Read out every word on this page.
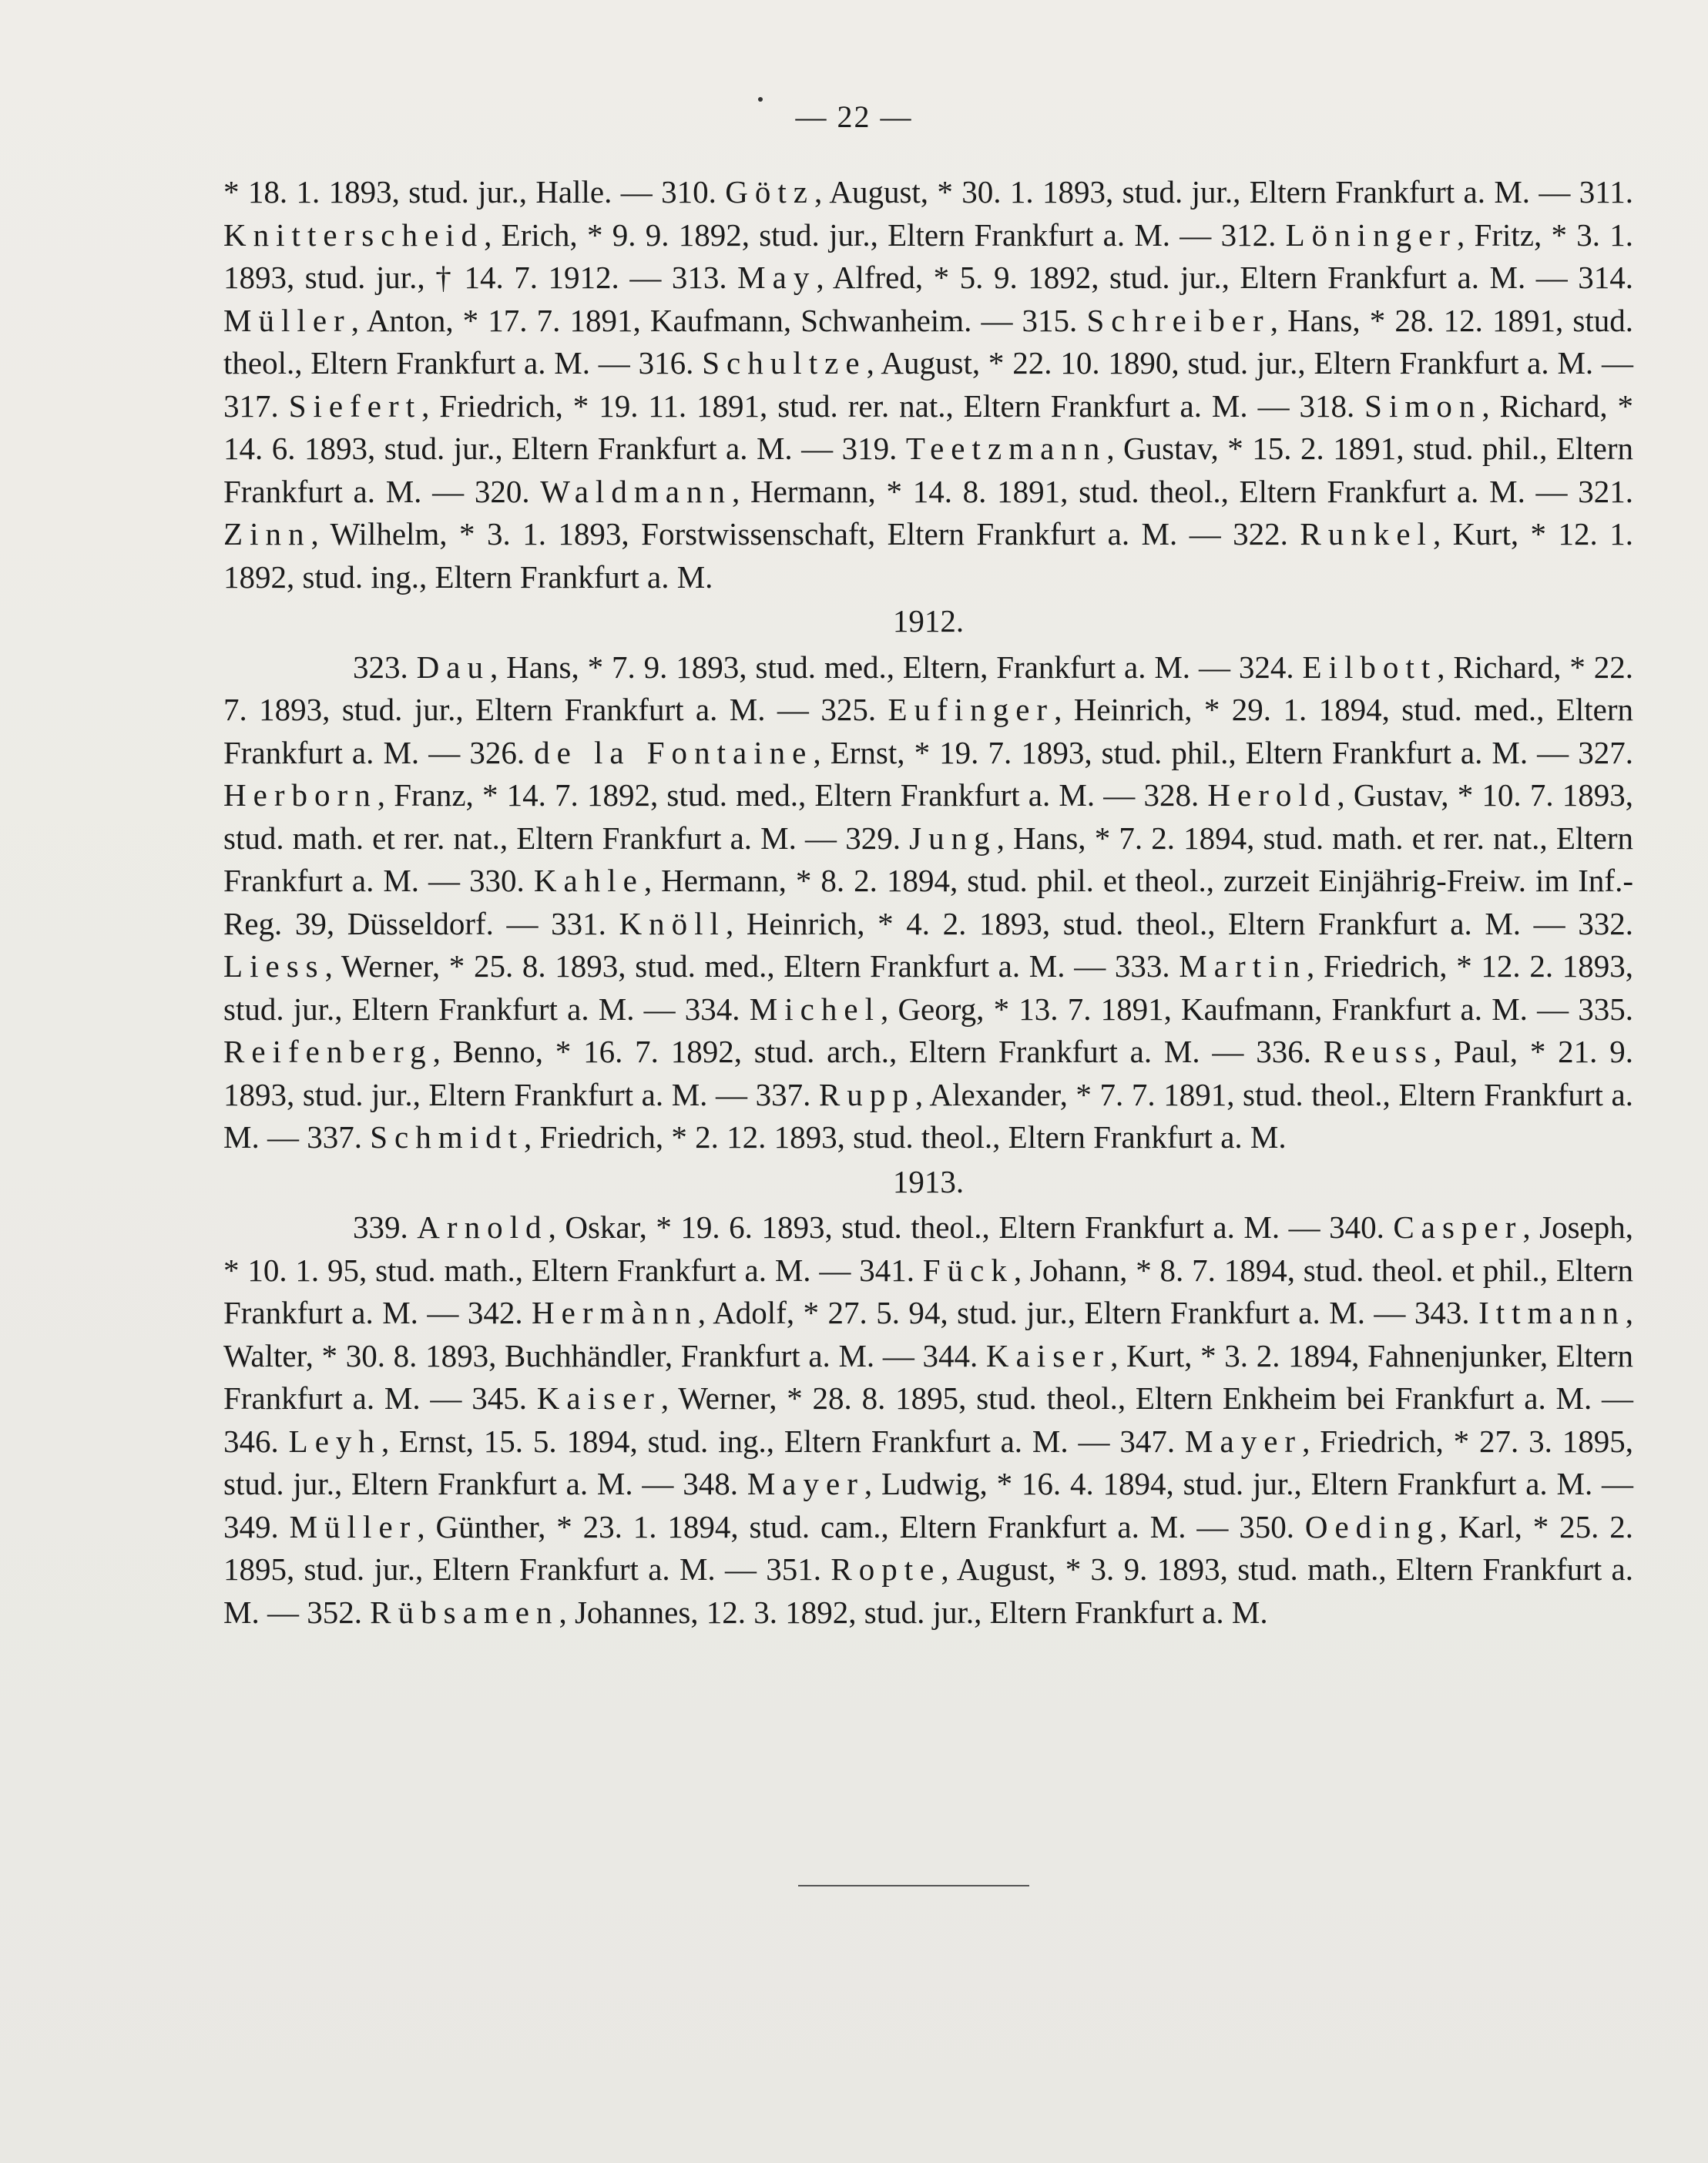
— 22 —

* 18. 1. 1893, stud. jur., Halle. — 310. Götz, August, * 30. 1. 1893, stud. jur., Eltern Frankfurt a. M. — 311. Knitterscheid, Erich, * 9. 9. 1892, stud. jur., Eltern Frankfurt a. M. — 312. Löninger, Fritz, * 3. 1. 1893, stud. jur., † 14. 7. 1912. — 313. May, Alfred, * 5. 9. 1892, stud. jur., Eltern Frankfurt a. M. — 314. Müller, Anton, * 17. 7. 1891, Kaufmann, Schwanheim. — 315. Schreiber, Hans, * 28. 12. 1891, stud. theol., Eltern Frankfurt a. M. — 316. Schultze, August, * 22. 10. 1890, stud. jur., Eltern Frankfurt a. M. — 317. Siefert, Friedrich, * 19. 11. 1891, stud. rer. nat., Eltern Frankfurt a. M. — 318. Simon, Richard, * 14. 6. 1893, stud. jur., Eltern Frankfurt a. M. — 319. Teetzmann, Gustav, * 15. 2. 1891, stud. phil., Eltern Frankfurt a. M. — 320. Waldmann, Hermann, * 14. 8. 1891, stud. theol., Eltern Frankfurt a. M. — 321. Zinn, Wilhelm, * 3. 1. 1893, Forstwissenschaft, Eltern Frankfurt a. M. — 322. Runkel, Kurt, * 12. 1. 1892, stud. ing., Eltern Frankfurt a. M.

1912.

323. Dau, Hans, * 7. 9. 1893, stud. med., Eltern, Frankfurt a. M. — 324. Eilbott, Richard, * 22. 7. 1893, stud. jur., Eltern Frankfurt a. M. — 325. Eufinger, Heinrich, * 29. 1. 1894, stud. med., Eltern Frankfurt a. M. — 326. de la Fontaine, Ernst, * 19. 7. 1893, stud. phil., Eltern Frankfurt a. M. — 327. Herborn, Franz, * 14. 7. 1892, stud. med., Eltern Frankfurt a. M. — 328. Herold, Gustav, * 10. 7. 1893, stud. math. et rer. nat., Eltern Frankfurt a. M. — 329. Jung, Hans, * 7. 2. 1894, stud. math. et rer. nat., Eltern Frankfurt a. M. — 330. Kahle, Hermann, * 8. 2. 1894, stud. phil. et theol., zurzeit Einjährig-Freiw. im Inf.-Reg. 39, Düsseldorf. — 331. Knöll, Heinrich, * 4. 2. 1893, stud. theol., Eltern Frankfurt a. M. — 332. Liess, Werner, * 25. 8. 1893, stud. med., Eltern Frankfurt a. M. — 333. Martin, Friedrich, * 12. 2. 1893, stud. jur., Eltern Frankfurt a. M. — 334. Michel, Georg, * 13. 7. 1891, Kaufmann, Frankfurt a. M. — 335. Reifenberg, Benno, * 16. 7. 1892, stud. arch., Eltern Frankfurt a. M. — 336. Reuss, Paul, * 21. 9. 1893, stud. jur., Eltern Frankfurt a. M. — 337. Rupp, Alexander, * 7. 7. 1891, stud. theol., Eltern Frankfurt a. M. — 337. Schmidt, Friedrich, * 2. 12. 1893, stud. theol., Eltern Frankfurt a. M.

1913.

339. Arnold, Oskar, * 19. 6. 1893, stud. theol., Eltern Frankfurt a. M. — 340. Casper, Joseph, * 10. 1. 95, stud. math., Eltern Frankfurt a. M. — 341. Fück, Johann, * 8. 7. 1894, stud. theol. et phil., Eltern Frankfurt a. M. — 342. Hermànn, Adolf, * 27. 5. 94, stud. jur., Eltern Frankfurt a. M. — 343. Ittmann, Walter, * 30. 8. 1893, Buchhändler, Frankfurt a. M. — 344. Kaiser, Kurt, * 3. 2. 1894, Fahnenjunker, Eltern Frankfurt a. M. — 345. Kaiser, Werner, * 28. 8. 1895, stud. theol., Eltern Enkheim bei Frankfurt a. M. — 346. Leyh, Ernst, 15. 5. 1894, stud. ing., Eltern Frankfurt a. M. — 347. Mayer, Friedrich, * 27. 3. 1895, stud. jur., Eltern Frankfurt a. M. — 348. Mayer, Ludwig, * 16. 4. 1894, stud. jur., Eltern Frankfurt a. M. — 349. Müller, Günther, * 23. 1. 1894, stud. cam., Eltern Frankfurt a. M. — 350. Oeding, Karl, * 25. 2. 1895, stud. jur., Eltern Frankfurt a. M. — 351. Ropte, August, * 3. 9. 1893, stud. math., Eltern Frankfurt a. M. — 352. Rübsamen, Johannes, 12. 3. 1892, stud. jur., Eltern Frankfurt a. M.
